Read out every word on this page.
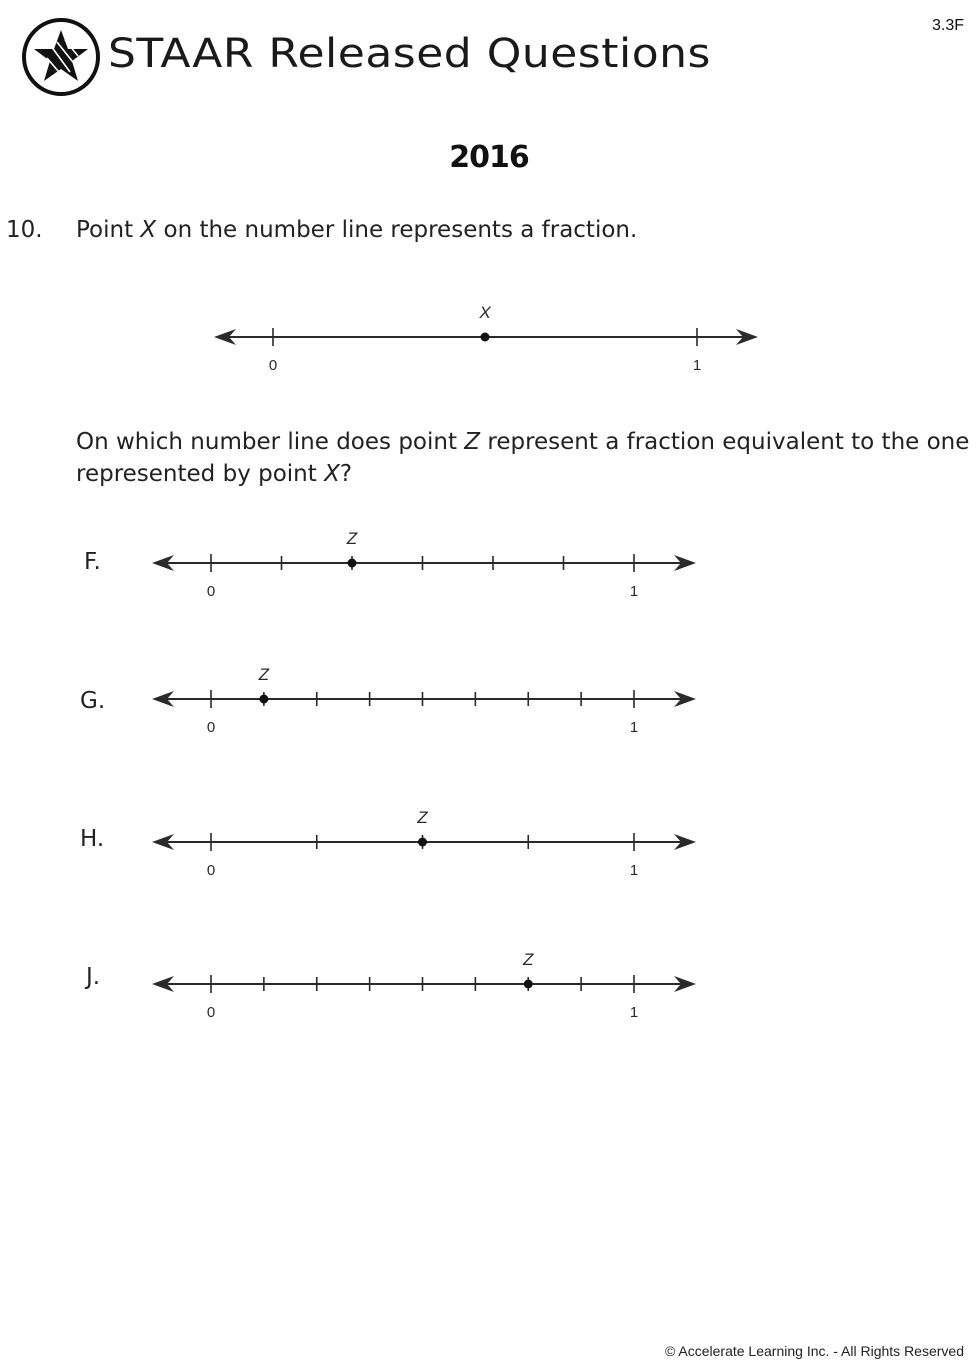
STAAR Released Questions
3.3F
2016
10. Point X on the number line represents a fraction.
0	1
X
On which number line does point Z represent a fraction equivalent to the one represented by point X?
F.
0	1
Z
G.
0	1
Z
H.
0	1
Z
J.
0	1
Z
© Accelerate Learning Inc. - All Rights Reserved
